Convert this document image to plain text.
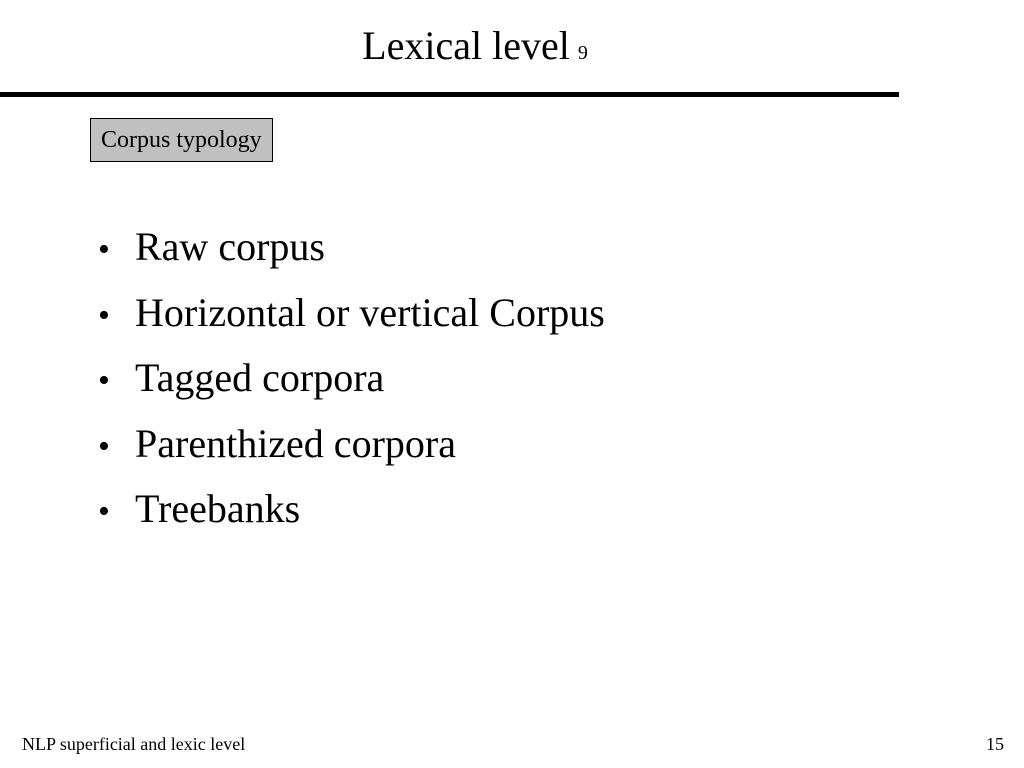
Lexical level 9
Corpus typology
• Raw corpus
• Horizontal or vertical Corpus
• Tagged corpora
• Parenthized corpora
• Treebanks
NLP superficial and lexic level	15
